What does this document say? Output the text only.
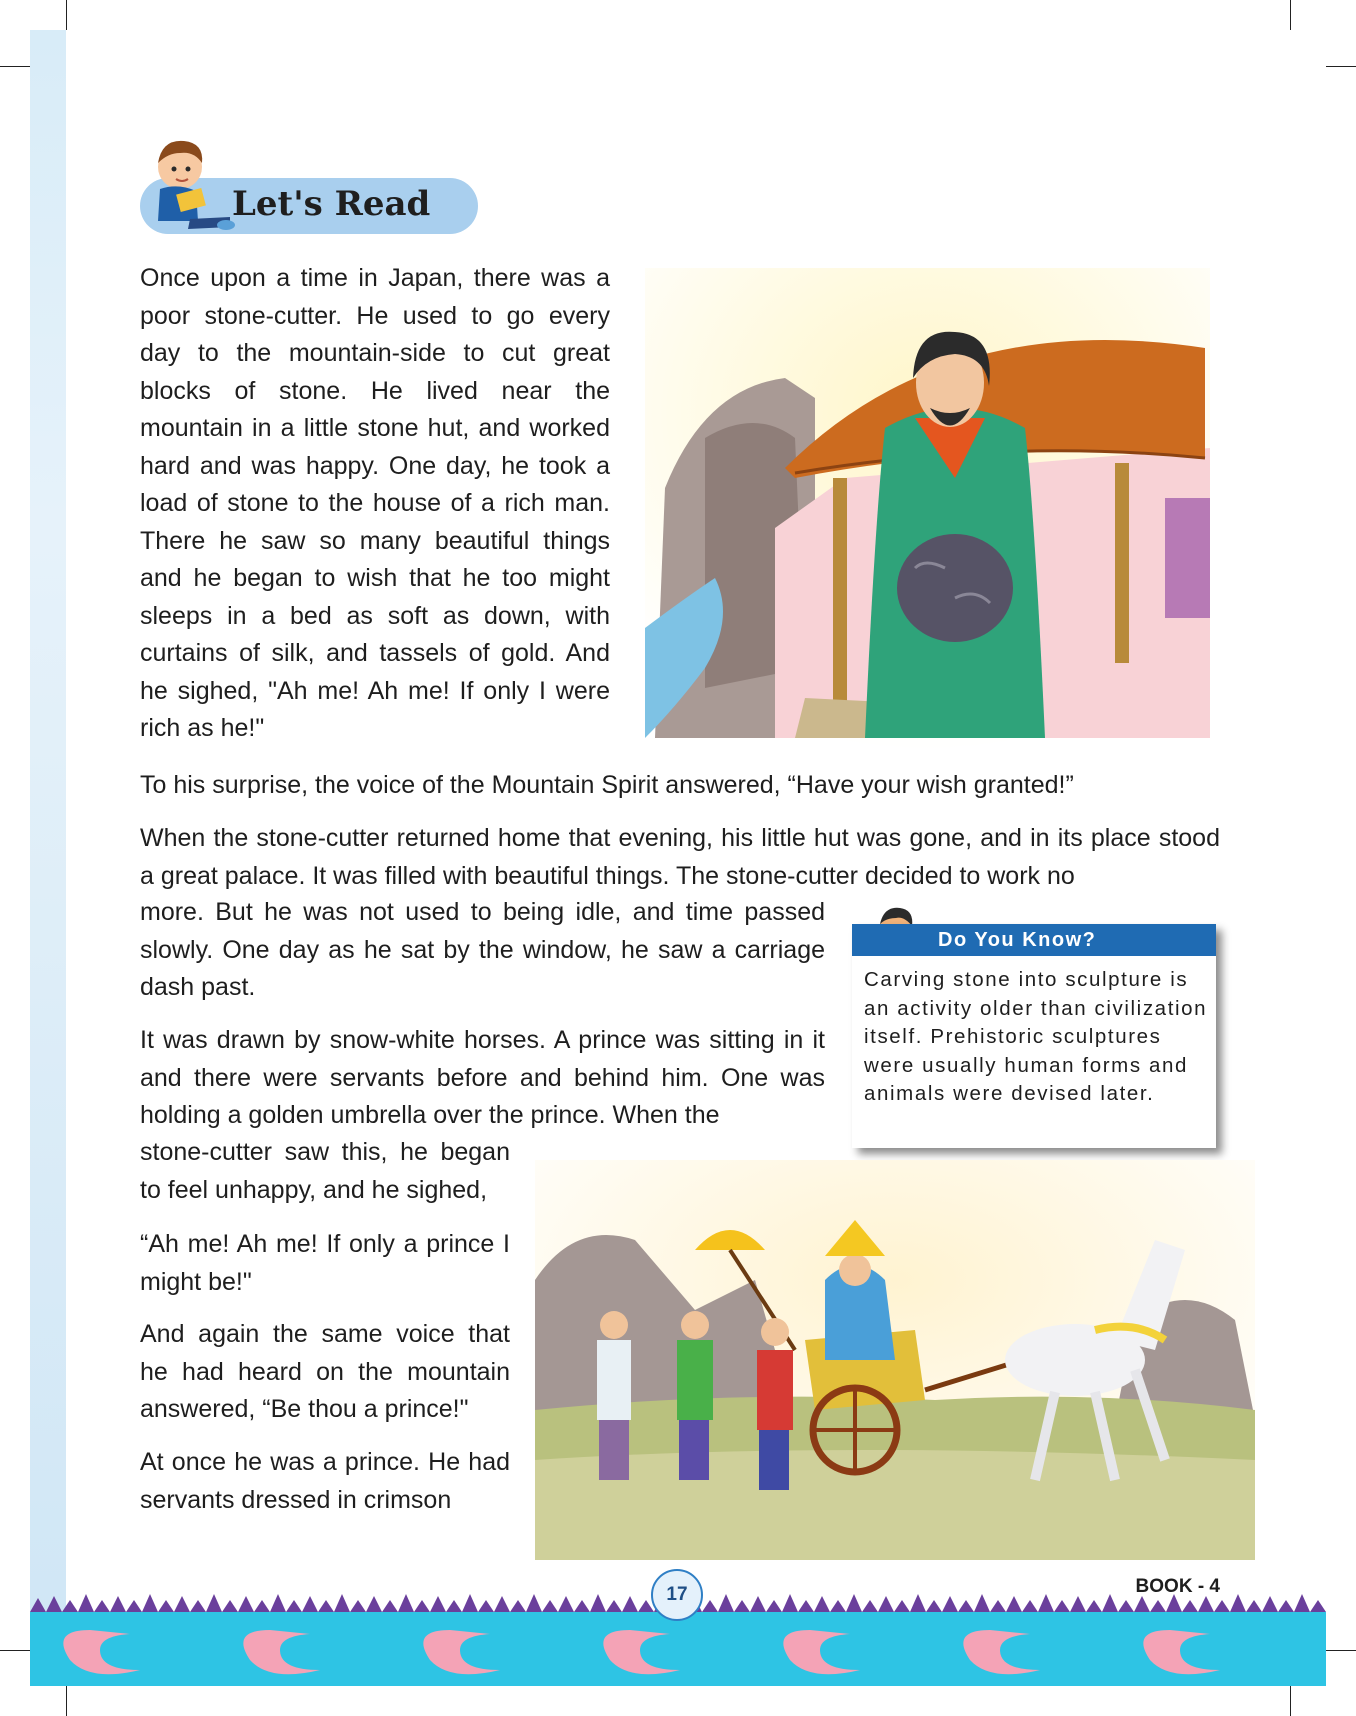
Let's Read

Once upon a time in Japan, there was a poor stone-cutter. He used to go every day to the mountain-side to cut great blocks of stone. He lived near the mountain in a little stone hut, and worked hard and was happy. One day, he took a load of stone to the house of a rich man. There he saw so many beautiful things and he began to wish that he too might sleeps in a bed as soft as down, with curtains of silk, and tassels of gold. And he sighed, "Ah me! Ah me! If only I were rich as he!"

To his surprise, the voice of the Mountain Spirit answered, “Have your wish granted!”

When the stone-cutter returned home that evening, his little hut was gone, and in its place stood a great palace. It was filled with beautiful things. The stone-cutter decided to work no

more. But he was not used to being idle, and time passed slowly. One day as he sat by the window, he saw a carriage dash past.

It was drawn by snow-white horses. A prince was sitting in it and there were servants before and behind him. One was holding a golden umbrella over the prince. When the

stone-cutter saw this, he began to feel unhappy, and he sighed,

“Ah me! Ah me! If only a prince I might be!"

And again the same voice that he had heard on the mountain answered, “Be thou a prince!"

At once he was a prince. He had servants dressed in crimson

Do You Know?
Carving stone into sculpture is an activity older than civilization itself. Prehistoric sculptures were usually human forms and animals were devised later.
17	BOOK - 4
